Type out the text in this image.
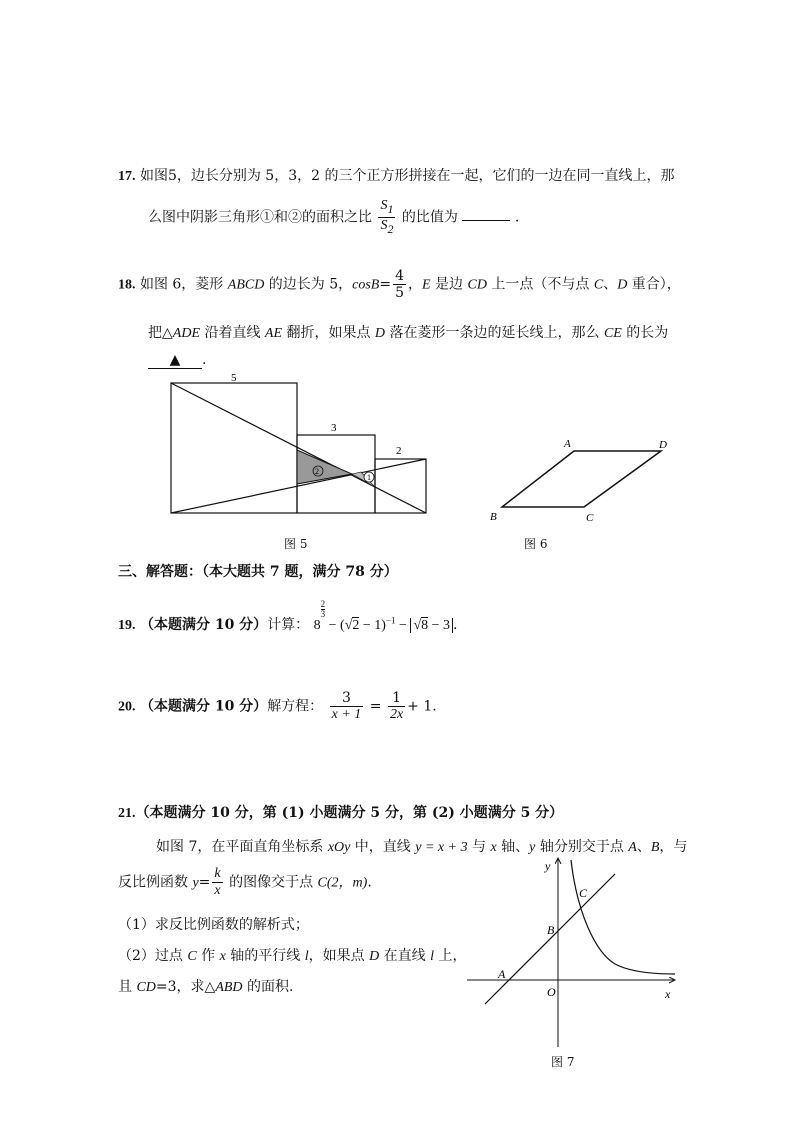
17. 如图5，边长分别为 5，3，2 的三个正方形拼接在一起，它们的一边在同一直线上，那
么图中阴影三角形①和②的面积之比 $\frac{S_1}{S_2}$ 的比值为	.
18. 如图 6，菱形 ABCD 的边长为 5，$\cos B= \frac{4}{5}$ ，E 是边 CD 上一点（不与点 C、D 重合），
把△ADE 沿着直线 AE 翻折，如果点 D 落在菱形一条边的延长线上，那么 CE 的长为
▲ .
5
3
2
2
1
图 5
A	D
B	C
图 6
三、解答题：（本大题共 7 题，满分 78 分）
19. （本题满分 10 分）计算： 8
$\frac{2}{3}$
− $(√2 - 1)^{-1} - √8 - 3$ .
20. （本题满分 10 分）解方程： $\frac{3}{x + 1} = \frac{1}{2x} + 1$.
21.（本题满分 10 分，第 (1) 小题满分 5 分，第 (2) 小题满分 5 分）
如图 7，在平面直角坐标系 xOy 中，直线 y = x + 3 与 x 轴、y 轴分别交于点 A、B，与
反比例函数 $y= \frac{k}{x}$ 的图像交于点 C(2，m).
（1）求反比例函数的解析式；
（2）过点 C 作 x 轴的平行线 l，如果点 D 在直线 l 上，
且 CD=3，求△ABD 的面积.
y
x
O
A
B
C
图 7
